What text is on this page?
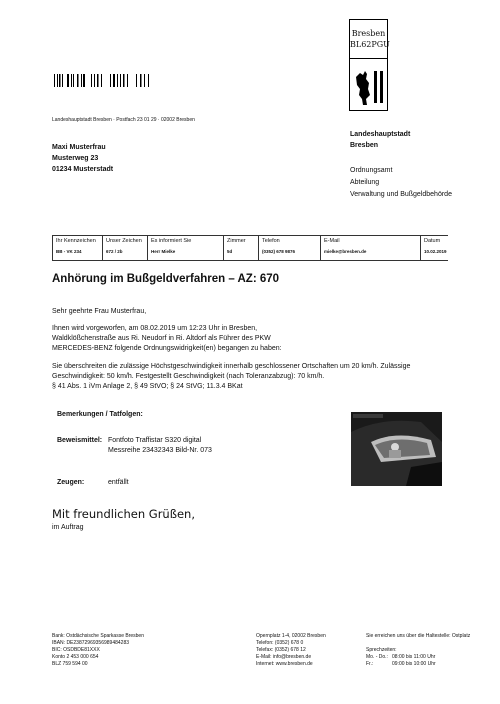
Bresben
BL62PGU
Landeshauptstadt Bresben · Postfach 23 01 29 · 02002 Bresben
Maxi Musterfrau
Musterweg 23
01234 Musterstadt
Landeshauptstadt
Bresben
Ordnungsamt
Abteilung
Verwaltung und Bußgeldbehörde
Ihr Kennzeichen
BB - VK 234
Unser Zeichen
672 / 2b
Es informiert Sie
Herr Mielke
Zimmer
5d
Telefon
(0352) 678 9876
E-Mail
mielke@bresben.de
Datum
10.02.2019
Anhörung im Bußgeldverfahren – AZ: 670
Sehr geehrte Frau Musterfrau,
Ihnen wird vorgeworfen, am 08.02.2019 um 12:23 Uhr in Bresben,
Waldklößchenstraße aus Ri. Neudorf in Ri. Altdorf als Führer des PKW
MERCEDES-BENZ folgende Ordnungswidrigkeit(en) begangen zu haben:
Sie überschreiten die zulässige Höchstgeschwindigkeit innerhalb geschlossener Ortschaften um 20 km/h. Zulässige
Geschwindigkeit: 50 km/h. Festgestellt Geschwindigkeit (nach Toleranzabzug): 70 km/h.
§ 41 Abs. 1 iVm Anlage 2, § 49 StVO; § 24 StVG; 11.3.4 BKat
Bemerkungen / Tatfolgen:
Beweismittel: Fontfoto Traffistar S320 digital
Messreihe 23432343 Bild-Nr. 073
Zeugen:	entfällt
Mit freundlichen Grüßen,
im Auftrag
Bank: Ostdächsische Sparkasse Bresben
IBAN: DE23872969356989484283
BIC: OSDBDE81XXX
Konto 2 453 000 654
BLZ 759 594 00
Opernplatz 1-4, 02002 Bresben
Telefon: (0352) 678 0
Telefax: (0352) 678 12
E-Mail: info@bresben.de
Internet: www.bresben.de
Sie erreichen uns über die Haltestelle: Ostplatz
Sprechzeiten:
Mo. - Do.: 08:00 bis 11:00 Uhr
Fr.:	09:00 bis 10:00 Uhr
